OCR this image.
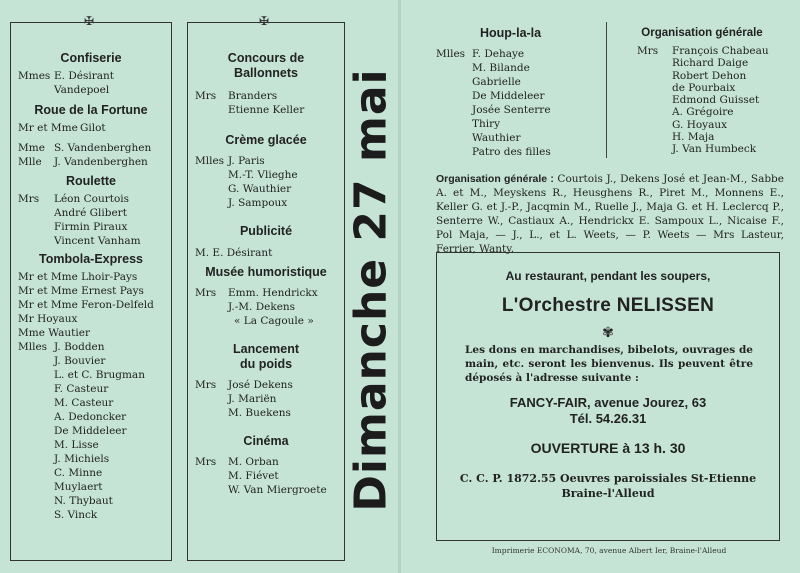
✠
Confiserie
Mmes E. Désirant
Vandepoel
Roue de la Fortune
Mr et Mme Gilot
Mme S. Vandenberghen
Mlle	J. Vandenberghen
Roulette
Mrs	Léon Courtois
André Glibert
Firmin Piraux
Vincent Vanham
Tombola-Express
Mr et Mme Lhoir-Pays
Mr et Mme Ernest Pays
Mr et Mme Feron-Delfeld
Mr Hoyaux
Mme Wautier
Mlles J. Bodden
J. Bouvier
L. et C. Brugman
F. Casteur
M. Casteur
A. Dedoncker
De Middeleer
M. Lisse
J. Michiels
C. Minne
Muylaert
N. Thybaut
S. Vinck
✠
Concours de Ballonnets
Mrs	Branders
Etienne Keller
Crème glacée
Mlles J. Paris
M.-T. Vlieghe
G. Wauthier
J. Sampoux
Publicité
M. E. Désirant
Musée humoristique
Mrs	Emm. Hendrickx
J.-M. Dekens
« La Cagoule »
Lancement du poids
Mrs	José Dekens
J. Mariën
M. Buekens
Cinéma
Mrs	M. Orban
M. Fiévet
W. Van Miergroete Dimanche 27 mai
Houp-la-la
Mlles F. Dehaye
M. Bilande
Gabrielle
De Middeleer
Josée Senterre
Thiry
Wauthier
Patro des filles
Organisation générale
Mrs	François Chabeau
Richard Daige
Robert Dehon
de Pourbaix
Edmond Guisset
A. Grégoire
G. Hoyaux
H. Maja
J. Van Humbeck
Organisation générale : Courtois J., Dekens José et Jean-M., Sabbe A. et M., Meyskens R., Heusghens R., Piret M., Monnens E., Keller G. et J.-P., Jacqmin M., Ruelle J., Maja G. et H. Leclercq P., Senterre W., Castiaux A., Hendrickx E. Sampoux L., Nicaise F., Pol Maja, — J., L., et L. Weets, — P. Weets — Mrs Lasteur, Ferrier, Wanty.
Au restaurant, pendant les soupers,
L'Orchestre NELISSEN
✾
Les dons en marchandises, bibelots, ouvrages de main, etc. seront les bienvenus. Ils peuvent être déposés à l'adresse suivante :
FANCY-FAIR, avenue Jourez, 63
Tél. 54.26.31
OUVERTURE à 13 h. 30
C. C. P. 1872.55 Oeuvres paroissiales St-Etienne
Braine-l'Alleud
Imprimerie ECONOMA, 70, avenue Albert Ier, Braine-l'Alleud
